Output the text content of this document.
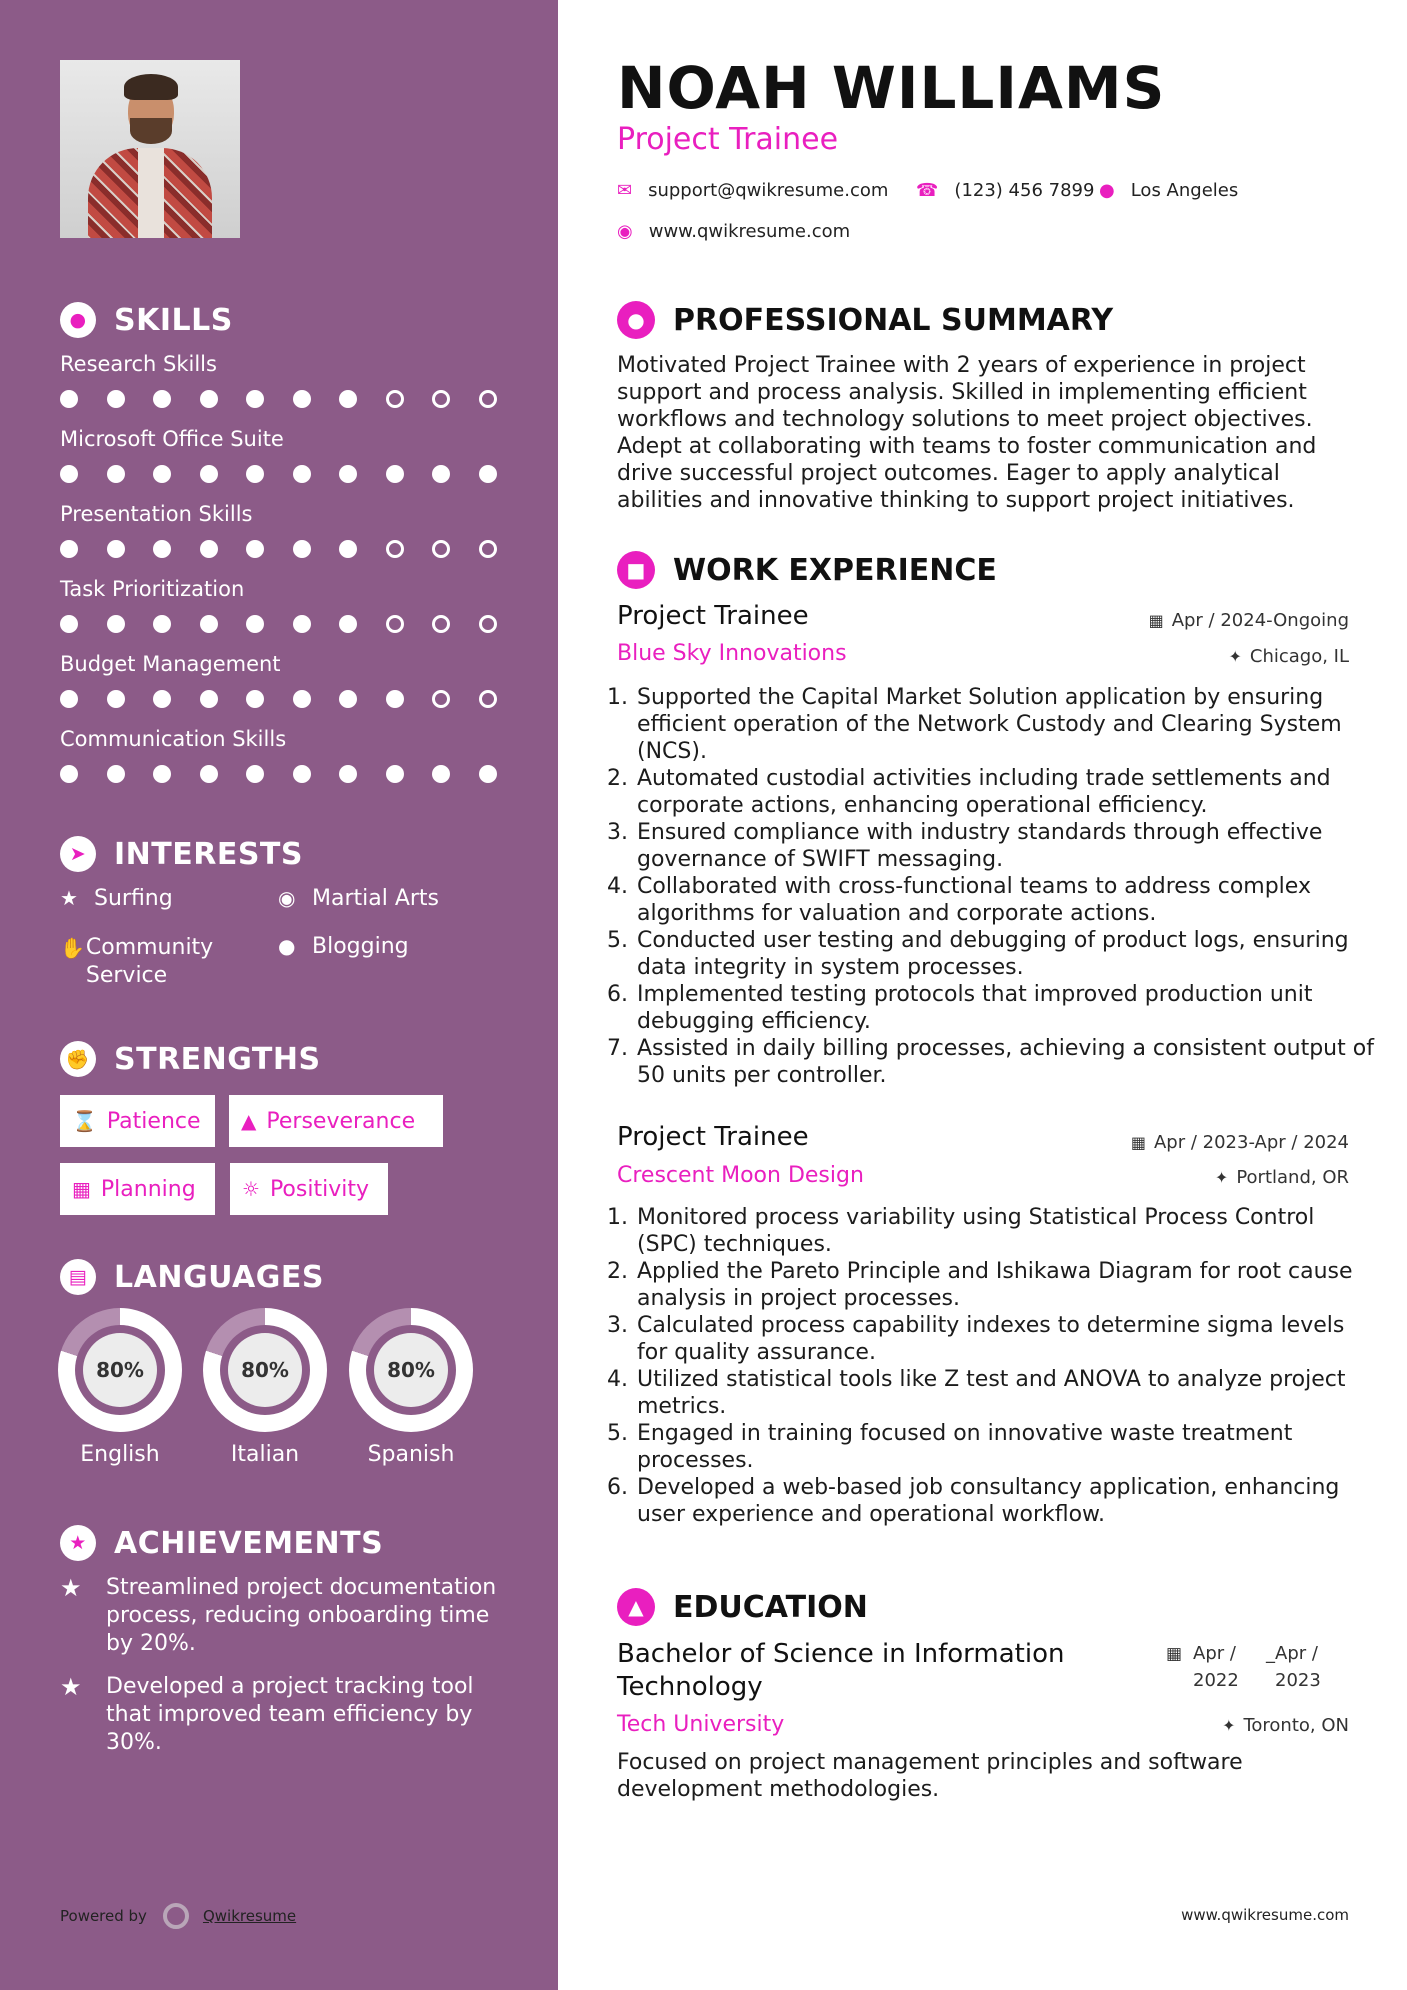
● SKILLS
Research Skills
Microsoft Office Suite
Presentation Skills
Task Prioritization
Budget Management
Communication Skills
➤ INTERESTS
★ Surfing	◉ Martial Arts
✋ Community Service
● Blogging
✊ STRENGTHS
⌛ Patience ▲ Perseverance
▦ Planning ☼ Positivity
▤ LANGUAGES
80%
English
80%
Italian
80%
Spanish
★ ACHIEVEMENTS
★	Streamlined project documentation process, reducing onboarding time by 20%.
★	Developed a project tracking tool that improved team efficiency by 30%.
Powered by	Qwikresume
NOAH WILLIAMS
Project Trainee
✉ support@qwikresume.com ☎ (123) 456 7899 ● Los Angeles
◉ www.qwikresume.com
● PROFESSIONAL SUMMARY
Motivated Project Trainee with 2 years of experience in project support and process analysis. Skilled in implementing efficient workflows and technology solutions to meet project objectives. Adept at collaborating with teams to foster communication and drive successful project outcomes. Eager to apply analytical abilities and innovative thinking to support project initiatives.
■ WORK EXPERIENCE
Project Trainee	▦ Apr / 2024-Ongoing
Blue Sky Innovations	✦ Chicago, IL
1. Supported the Capital Market Solution application by ensuring efficient operation of the Network Custody and Clearing System (NCS).
2. Automated custodial activities including trade settlements and corporate actions, enhancing operational efficiency.
3. Ensured compliance with industry standards through effective governance of SWIFT messaging.
4. Collaborated with cross-functional teams to address complex algorithms for valuation and corporate actions.
5. Conducted user testing and debugging of product logs, ensuring data integrity in system processes.
6. Implemented testing protocols that improved production unit debugging efficiency.
7. Assisted in daily billing processes, achieving a consistent output of 50 units per controller.
Project Trainee	▦ Apr / 2023-Apr / 2024
Crescent Moon Design	✦ Portland, OR
1. Monitored process variability using Statistical Process Control (SPC) techniques.
2. Applied the Pareto Principle and Ishikawa Diagram for root cause analysis in project processes.
3. Calculated process capability indexes to determine sigma levels for quality assurance.
4. Utilized statistical tools like Z test and ANOVA to analyze project metrics.
5. Engaged in training focused on innovative waste treatment processes.
6. Developed a web-based job consultancy application, enhancing user experience and operational workflow.
▲ EDUCATION
Bachelor of Science in Information
Technology
▦ Apr /
2022
_Apr /
2023
Tech University	✦ Toronto, ON
Focused on project management principles and software development methodologies.
www.qwikresume.com
